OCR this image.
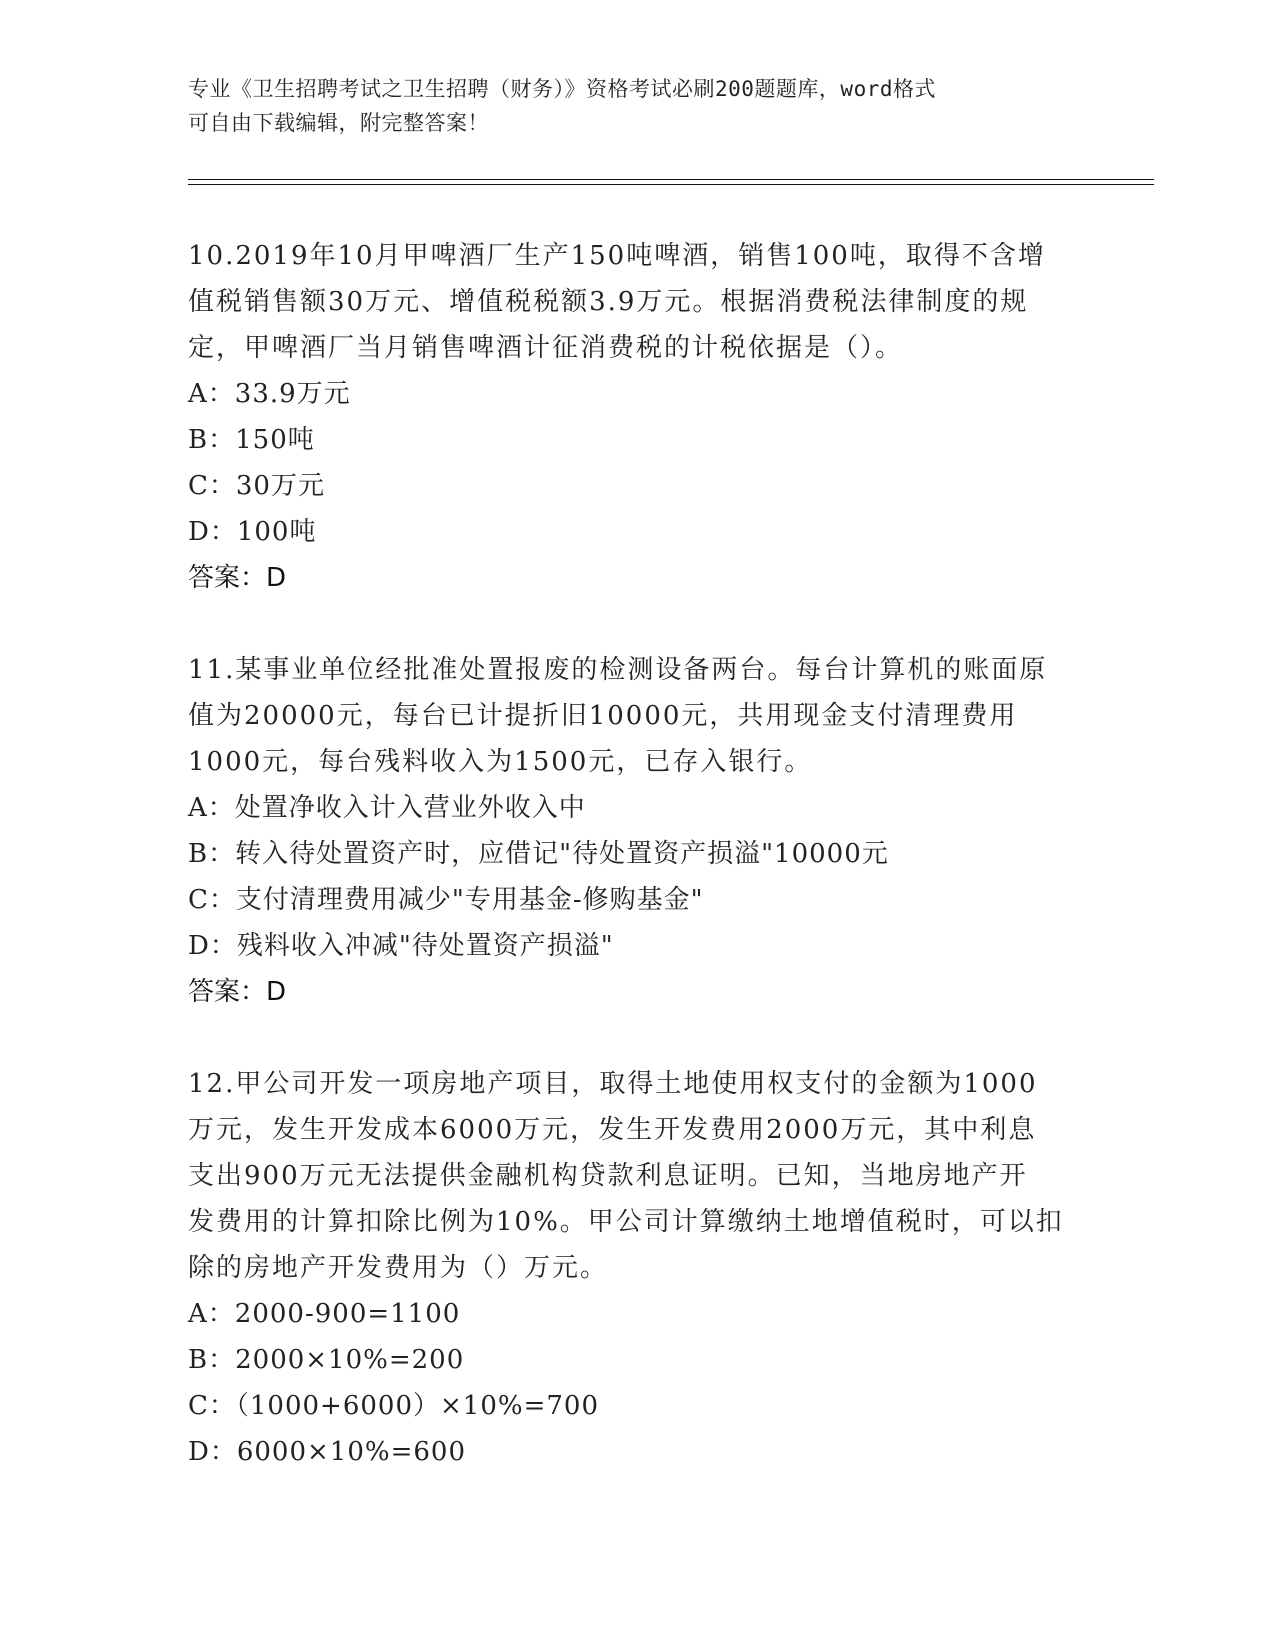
专业《卫生招聘考试之卫生招聘（财务）》资格考试必刷200题题库，word格式
可自由下载编辑，附完整答案！
10.2019年10月甲啤酒厂生产150吨啤酒，销售100吨，取得不含增
值税销售额30万元、增值税税额3.9万元。根据消费税法律制度的规
定，甲啤酒厂当月销售啤酒计征消费税的计税依据是（）。
A：33.9万元
B：150吨
C：30万元
D：100吨
答案：D
11.某事业单位经批准处置报废的检测设备两台。每台计算机的账面原
值为20000元，每台已计提折旧10000元，共用现金支付清理费用
1000元，每台残料收入为1500元，已存入银行。
A：处置净收入计入营业外收入中
B：转入待处置资产时，应借记"待处置资产损溢"10000元
C：支付清理费用减少"专用基金-修购基金"
D：残料收入冲减"待处置资产损溢"
答案：D
12.甲公司开发一项房地产项目，取得土地使用权支付的金额为1000
万元，发生开发成本6000万元，发生开发费用2000万元，其中利息
支出900万元无法提供金融机构贷款利息证明。已知，当地房地产开
发费用的计算扣除比例为10%。甲公司计算缴纳土地增值税时，可以扣
除的房地产开发费用为（）万元。
A：2000-900=1100
B：2000×10%=200
C：（1000+6000）×10%=700
D：6000×10%=600
